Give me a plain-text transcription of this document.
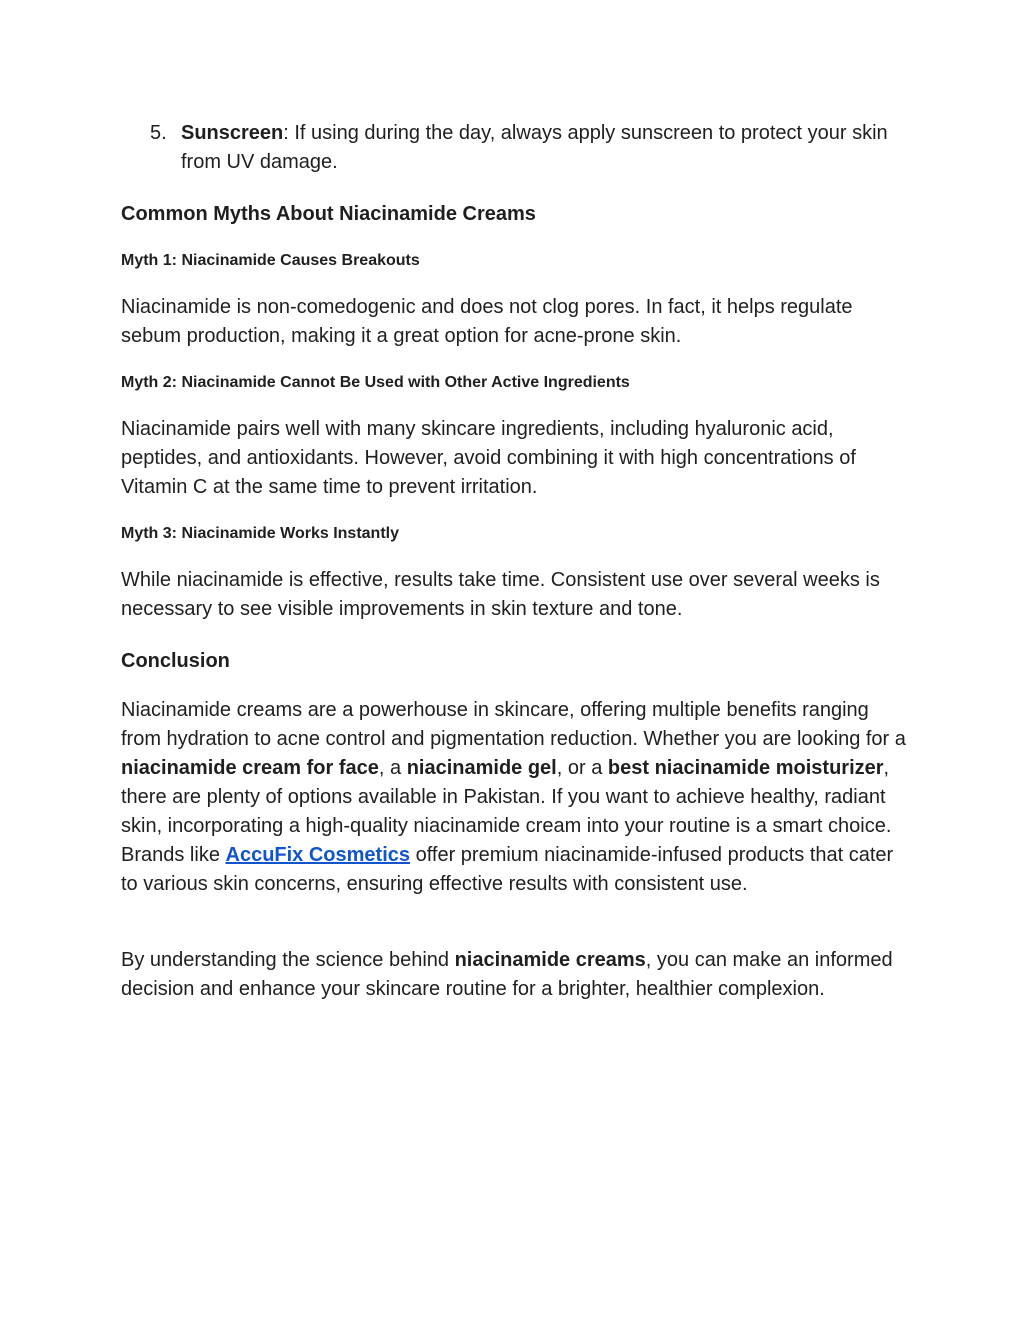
5. Sunscreen: If using during the day, always apply sunscreen to protect your skin from UV damage.
Common Myths About Niacinamide Creams
Myth 1: Niacinamide Causes Breakouts
Niacinamide is non-comedogenic and does not clog pores. In fact, it helps regulate sebum production, making it a great option for acne-prone skin.
Myth 2: Niacinamide Cannot Be Used with Other Active Ingredients
Niacinamide pairs well with many skincare ingredients, including hyaluronic acid, peptides, and antioxidants. However, avoid combining it with high concentrations of Vitamin C at the same time to prevent irritation.
Myth 3: Niacinamide Works Instantly
While niacinamide is effective, results take time. Consistent use over several weeks is necessary to see visible improvements in skin texture and tone.
Conclusion
Niacinamide creams are a powerhouse in skincare, offering multiple benefits ranging from hydration to acne control and pigmentation reduction. Whether you are looking for a niacinamide cream for face, a niacinamide gel, or a best niacinamide moisturizer, there are plenty of options available in Pakistan. If you want to achieve healthy, radiant skin, incorporating a high-quality niacinamide cream into your routine is a smart choice. Brands like AccuFix Cosmetics offer premium niacinamide-infused products that cater to various skin concerns, ensuring effective results with consistent use.
By understanding the science behind niacinamide creams, you can make an informed decision and enhance your skincare routine for a brighter, healthier complexion.
